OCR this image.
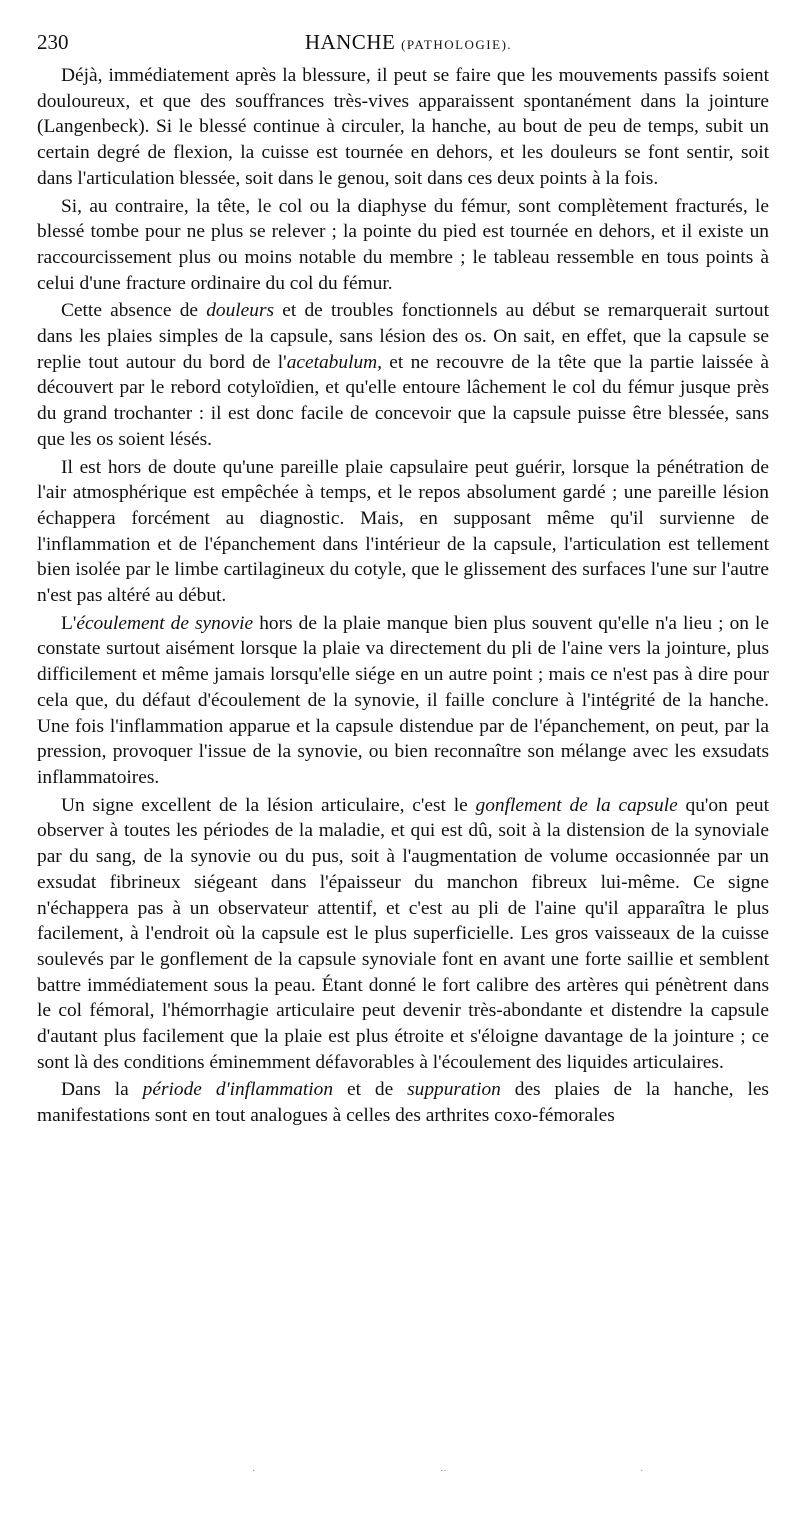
230	HANCHE (PATHOLOGIE).

Déjà, immédiatement après la blessure, il peut se faire que les mouvements passifs soient douloureux, et que des souffrances très-vives apparaissent spontanément dans la jointure (Langenbeck). Si le blessé continue à circuler, la hanche, au bout de peu de temps, subit un certain degré de flexion, la cuisse est tournée en dehors, et les douleurs se font sentir, soit dans l'articulation blessée, soit dans le genou, soit dans ces deux points à la fois.

Si, au contraire, la tête, le col ou la diaphyse du fémur, sont complètement fracturés, le blessé tombe pour ne plus se relever ; la pointe du pied est tournée en dehors, et il existe un raccourcissement plus ou moins notable du membre ; le tableau ressemble en tous points à celui d'une fracture ordinaire du col du fémur.

Cette absence de douleurs et de troubles fonctionnels au début se remarquerait surtout dans les plaies simples de la capsule, sans lésion des os. On sait, en effet, que la capsule se replie tout autour du bord de l'acetabulum, et ne recouvre de la tête que la partie laissée à découvert par le rebord cotyloïdien, et qu'elle entoure lâchement le col du fémur jusque près du grand trochanter : il est donc facile de concevoir que la capsule puisse être blessée, sans que les os soient lésés.

Il est hors de doute qu'une pareille plaie capsulaire peut guérir, lorsque la pénétration de l'air atmosphérique est empêchée à temps, et le repos absolument gardé ; une pareille lésion échappera forcément au diagnostic. Mais, en supposant même qu'il survienne de l'inflammation et de l'épanchement dans l'intérieur de la capsule, l'articulation est tellement bien isolée par le limbe cartilagineux du cotyle, que le glissement des surfaces l'une sur l'autre n'est pas altéré au début.

L'écoulement de synovie hors de la plaie manque bien plus souvent qu'elle n'a lieu ; on le constate surtout aisément lorsque la plaie va directement du pli de l'aine vers la jointure, plus difficilement et même jamais lorsqu'elle siége en un autre point ; mais ce n'est pas à dire pour cela que, du défaut d'écoulement de la synovie, il faille conclure à l'intégrité de la hanche. Une fois l'inflammation apparue et la capsule distendue par de l'épanchement, on peut, par la pression, provoquer l'issue de la synovie, ou bien reconnaître son mélange avec les exsudats inflammatoires.

Un signe excellent de la lésion articulaire, c'est le gonflement de la capsule qu'on peut observer à toutes les périodes de la maladie, et qui est dû, soit à la distension de la synoviale par du sang, de la synovie ou du pus, soit à l'augmentation de volume occasionnée par un exsudat fibrineux siégeant dans l'épaisseur du manchon fibreux lui-même. Ce signe n'échappera pas à un observateur attentif, et c'est au pli de l'aine qu'il apparaîtra le plus facilement, à l'endroit où la capsule est le plus superficielle. Les gros vaisseaux de la cuisse soulevés par le gonflement de la capsule synoviale font en avant une forte saillie et semblent battre immédiatement sous la peau. Étant donné le fort calibre des artères qui pénètrent dans le col fémoral, l'hémorrhagie articulaire peut devenir très-abondante et distendre la capsule d'autant plus facilement que la plaie est plus étroite et s'éloigne davantage de la jointure ; ce sont là des conditions éminemment défavorables à l'écoulement des liquides articulaires.

Dans la période d'inflammation et de suppuration des plaies de la hanche, les manifestations sont en tout analogues à celles des arthrites coxo-fémorales

·	··	·
